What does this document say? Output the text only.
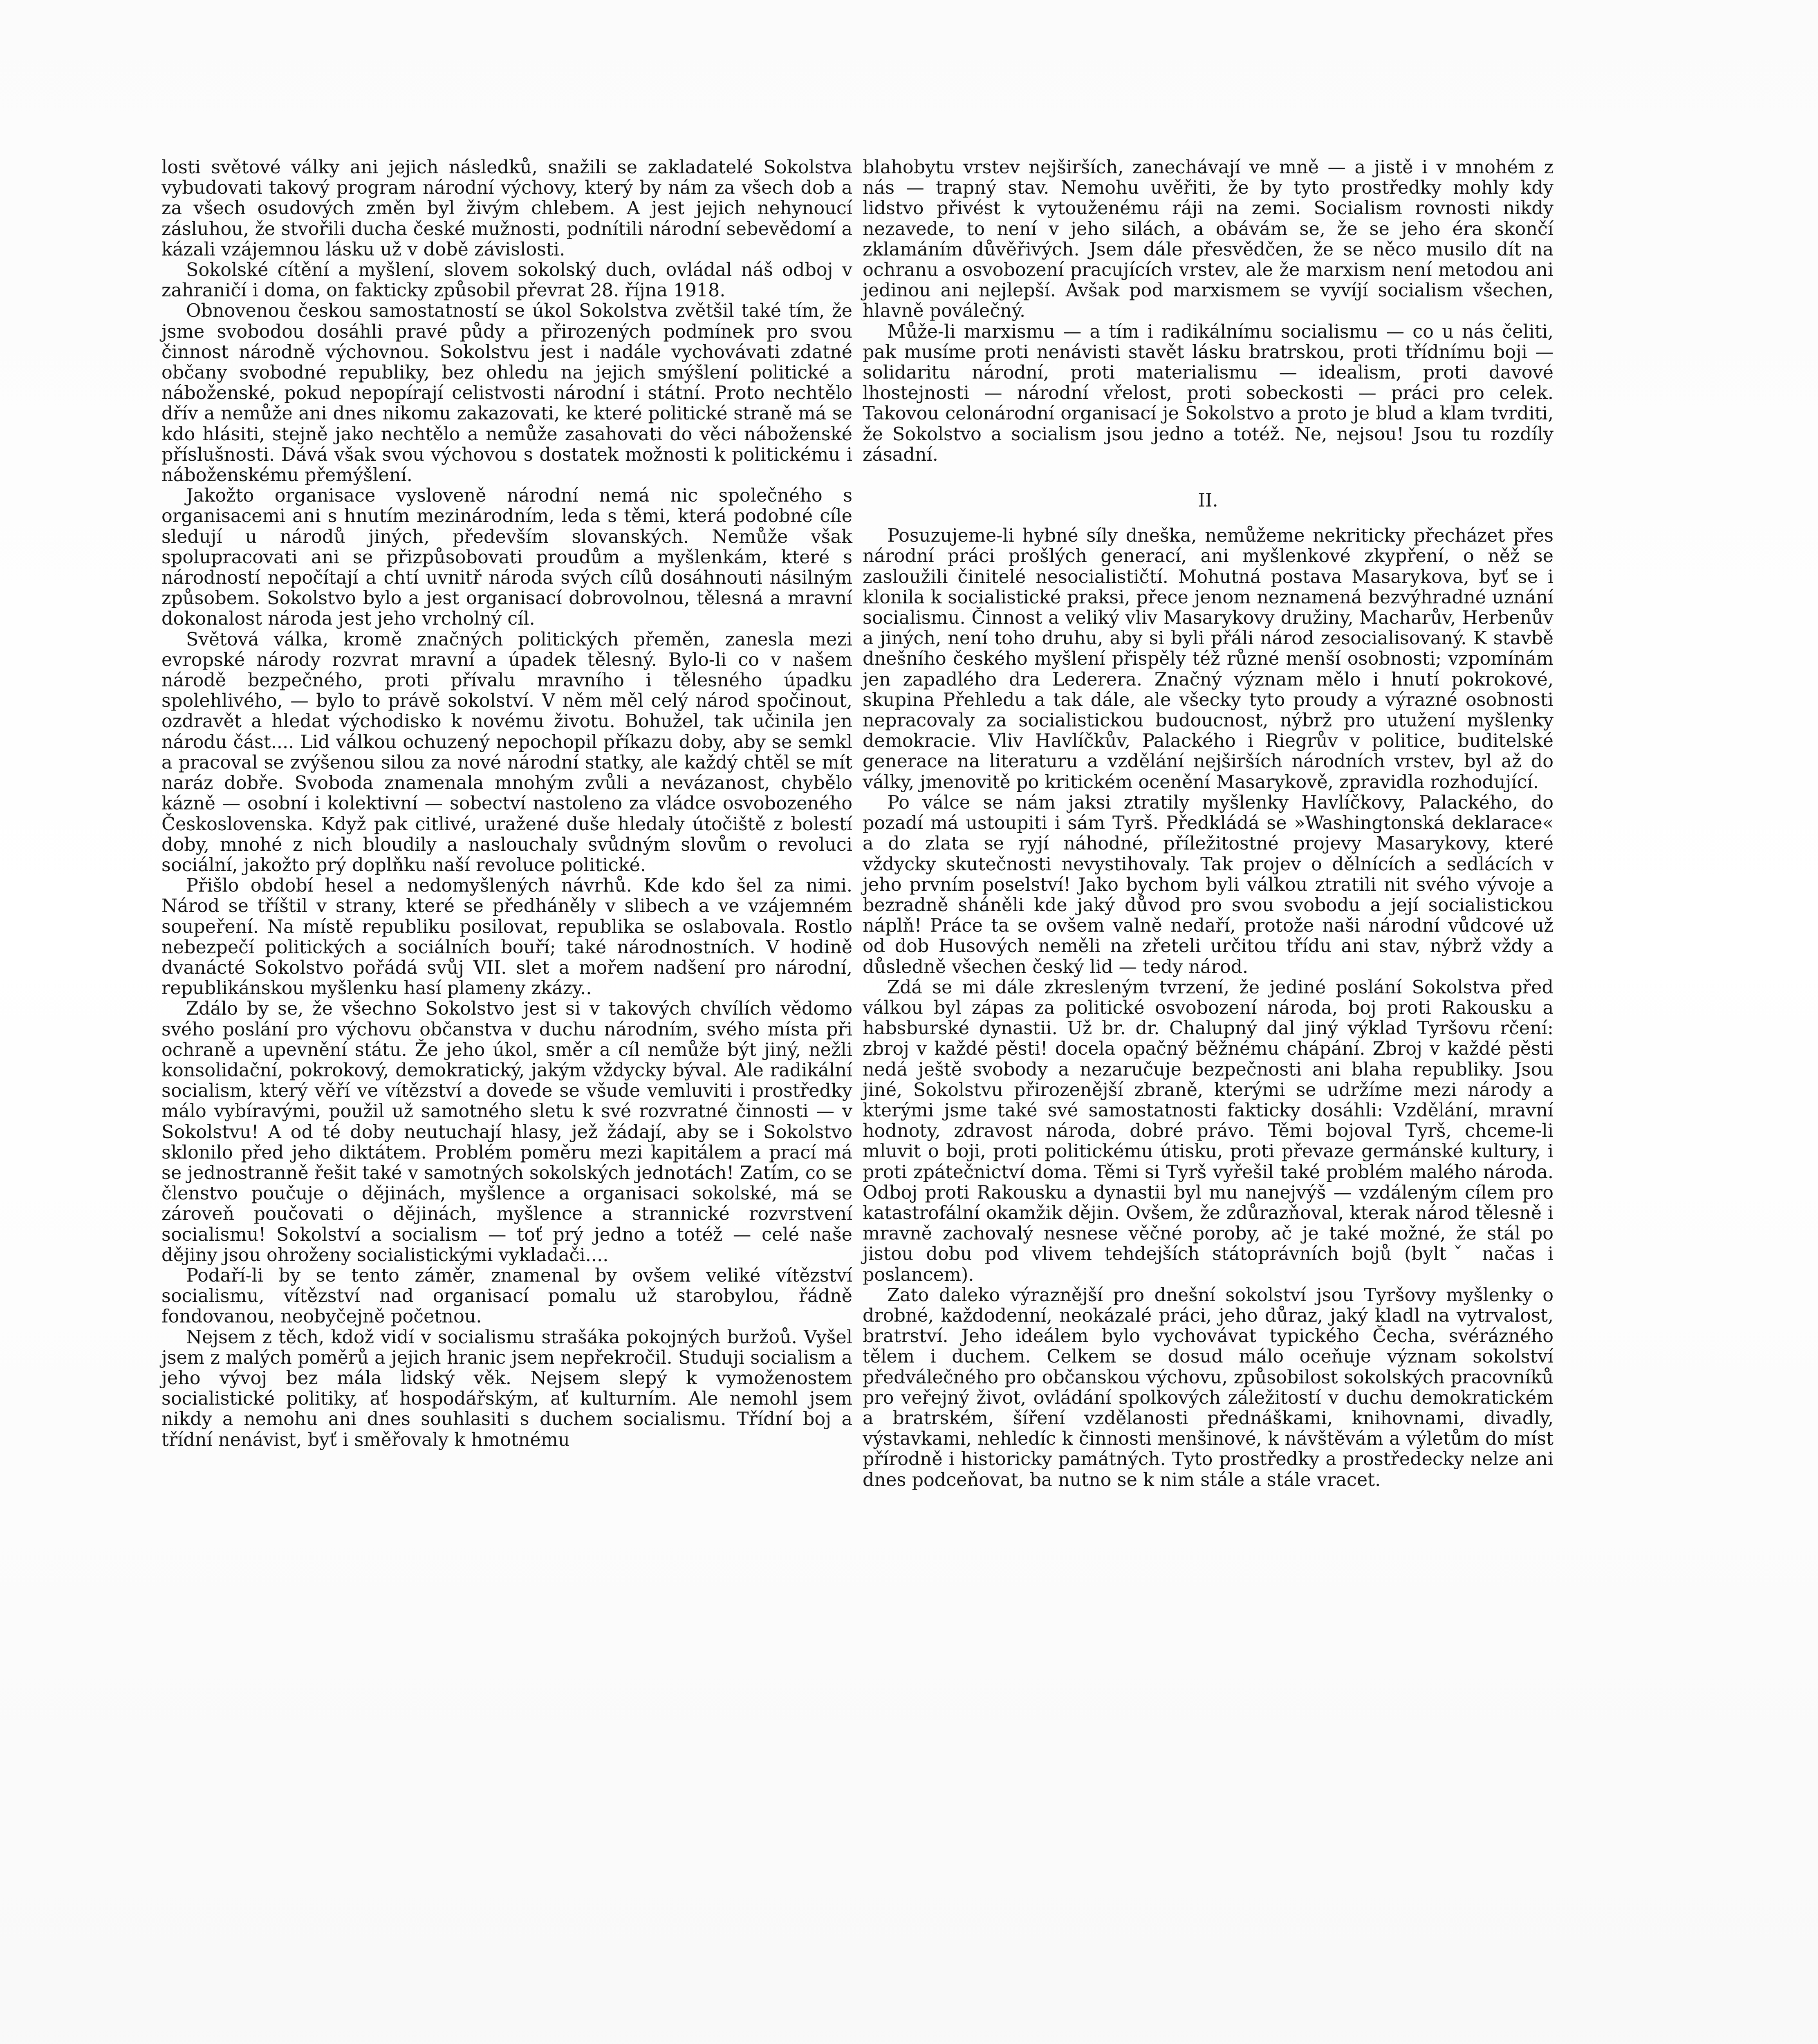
losti světové války ani jejich následků, snažili se zakladatelé Sokolstva vybudovati takový program národní výchovy, který by nám za všech dob a za všech osudových změn byl živým chlebem. A jest jejich nehynoucí zásluhou, že stvořili ducha české mužnosti, podnítili národní sebevědomí a kázali vzájemnou lásku už v době závislosti.

Sokolské cítění a myšlení, slovem sokolský duch, ovládal náš odboj v zahraničí i doma, on fakticky způsobil převrat 28. října 1918.

Obnovenou českou samostatností se úkol Sokolstva zvětšil také tím, že jsme svobodou dosáhli pravé půdy a přirozených podmínek pro svou činnost národně výchovnou. Sokolstvu jest i nadále vychovávati zdatné občany svobodné republiky, bez ohledu na jejich smýšlení politické a náboženské, pokud nepopírají celistvosti národní i státní. Proto nechtělo dřív a nemůže ani dnes nikomu zakazovati, ke které politické straně má se kdo hlásiti, stejně jako nechtělo a nemůže zasahovati do věci náboženské příslušnosti. Dává však svou výchovou s dostatek možnosti k politickému i náboženskému přemýšlení.

Jakožto organisace vysloveně národní nemá nic společného s organisacemi ani s hnutím mezinárodním, leda s těmi, která podobné cíle sledují u národů jiných, především slovanských. Nemůže však spolupracovati ani se přizpůsobovati proudům a myšlenkám, které s národností nepočítají a chtí uvnitř národa svých cílů dosáhnouti násilným způsobem. Sokolstvo bylo a jest organisací dobrovolnou, tělesná a mravní dokonalost národa jest jeho vrcholný cíl.

Světová válka, kromě značných politických přeměn, zanesla mezi evropské národy rozvrat mravní a úpadek tělesný. Bylo-li co v našem národě bezpečného, proti přívalu mravního i tělesného úpadku spolehlivého, — bylo to právě sokolství. V něm měl celý národ spočinout, ozdravět a hledat východisko k novému životu. Bohužel, tak učinila jen národu část.... Lid válkou ochuzený nepochopil příkazu doby, aby se semkl a pracoval se zvýšenou silou za nové národní statky, ale každý chtěl se mít naráz dobře. Svoboda znamenala mnohým zvůli a nevázanost, chybělo kázně — osobní i kolektivní — sobectví nastoleno za vládce osvobozeného Československa. Když pak citlivé, uražené duše hledaly útočiště z bolestí doby, mnohé z nich bloudily a naslouchaly svůdným slovům o revoluci sociální, jakožto prý doplňku naší revoluce politické.

Přišlo období hesel a nedomyšlených návrhů. Kde kdo šel za nimi. Národ se tříštil v strany, které se předháněly v slibech a ve vzájemném soupeření. Na místě republiku posilovat, republika se oslabovala. Rostlo nebezpečí politických a sociálních bouří; také národnostních. V hodině dvanácté Sokolstvo pořádá svůj VII. slet a mořem nadšení pro národní, republikánskou myšlenku hasí plameny zkázy..

Zdálo by se, že všechno Sokolstvo jest si v takových chvílích vědomo svého poslání pro výchovu občanstva v duchu národním, svého místa při ochraně a upevnění státu. Že jeho úkol, směr a cíl nemůže být jiný, nežli konsolidační, pokrokový, demokratický, jakým vždycky býval. Ale radikální socialism, který věří ve vítězství a dovede se všude vemluviti i prostředky málo vybíravými, použil už samotného sletu k své rozvratné činnosti — v Sokolstvu! A od té doby neutuchají hlasy, jež žádají, aby se i Sokolstvo sklonilo před jeho diktátem. Problém poměru mezi kapitálem a prací má se jednostranně řešit také v samotných sokolských jednotách! Zatím, co se členstvo poučuje o dějinách, myšlence a organisaci sokolské, má se zároveň poučovati o dějinách, myšlence a strannické rozvrstvení socialismu! Sokolství a socialism — toť prý jedno a totéž — celé naše dějiny jsou ohroženy socialistickými vykladači....

Podaří-li by se tento záměr, znamenal by ovšem veliké vítězství socialismu, vítězství nad organisací pomalu už starobylou, řádně fondovanou, neobyčejně početnou.

Nejsem z těch, kdož vidí v socialismu strašáka pokojných buržoů. Vyšel jsem z malých poměrů a jejich hranic jsem nepřekročil. Studuji socialism a jeho vývoj bez mála lidský věk. Nejsem slepý k vymoženostem socialistické politiky, ať hospodářským, ať kulturním. Ale nemohl jsem nikdy a nemohu ani dnes souhlasiti s duchem socialismu. Třídní boj a třídní nenávist, byť i směřovaly k hmotnému

blahobytu vrstev nejširších, zanechávají ve mně — a jistě i v mnohém z nás — trapný stav. Nemohu uvěřiti, že by tyto prostředky mohly kdy lidstvo přivést k vytouženému ráji na zemi. Socialism rovnosti nikdy nezavede, to není v jeho silách, a obávám se, že se jeho éra skončí zklamáním důvěřivých. Jsem dále přesvědčen, že se něco musilo dít na ochranu a osvobození pracujících vrstev, ale že marxism není metodou ani jedinou ani nejlepší. Avšak pod marxismem se vyvíjí socialism všechen, hlavně poválečný.

Může-li marxismu — a tím i radikálnímu socialismu — co u nás čeliti, pak musíme proti nenávisti stavět lásku bratrskou, proti třídnímu boji — solidaritu národní, proti materialismu — idealism, proti davové lhostejnosti — národní vřelost, proti sobeckosti — práci pro celek. Takovou celonárodní organisací je Sokolstvo a proto je blud a klam tvrditi, že Sokolstvo a socialism jsou jedno a totéž. Ne, nejsou! Jsou tu rozdíly zásadní.

II.

Posuzujeme-li hybné síly dneška, nemůžeme nekriticky přecházet přes národní práci prošlých generací, ani myšlenkové zkypření, o něž se zasloužili činitelé nesocialističtí. Mohutná postava Masarykova, byť se i klonila k socialistické praksi, přece jenom neznamená bezvýhradné uznání socialismu. Činnost a veliký vliv Masarykovy družiny, Macharův, Herbenův a jiných, není toho druhu, aby si byli přáli národ zesocialisovaný. K stavbě dnešního českého myšlení přispěly též různé menší osobnosti; vzpomínám jen zapadlého dra Lederera. Značný význam mělo i hnutí pokrokové, skupina Přehledu a tak dále, ale všecky tyto proudy a výrazné osobnosti nepracovaly za socialistickou budoucnost, nýbrž pro utužení myšlenky demokracie. Vliv Havlíčkův, Palackého i Riegrův v politice, buditelské generace na literaturu a vzdělání nejširších národních vrstev, byl až do války, jmenovitě po kritickém ocenění Masarykově, zpravidla rozhodující.

Po válce se nám jaksi ztratily myšlenky Havlíčkovy, Palackého, do pozadí má ustoupiti i sám Tyrš. Předkládá se »Washingtonská deklarace« a do zlata se ryjí náhodné, příležitostné projevy Masarykovy, které vždycky skutečnosti nevystihovaly. Tak projev o dělnících a sedlácích v jeho prvním poselství! Jako bychom byli válkou ztratili nit svého vývoje a bezradně sháněli kde jaký důvod pro svou svobodu a její socialistickou náplň! Práce ta se ovšem valně nedaří, protože naši národní vůdcové už od dob Husových neměli na zřeteli určitou třídu ani stav, nýbrž vždy a důsledně všechen český lid — tedy národ.

Zdá se mi dále zkresleným tvrzení, že jediné poslání Sokolstva před válkou byl zápas za politické osvobození národa, boj proti Rakousku a habsburské dynastii. Už br. dr. Chalupný dal jiný výklad Tyršovu rčení: zbroj v každé pěsti! docela opačný běžnému chápání. Zbroj v každé pěsti nedá ještě svobody a nezaručuje bezpečnosti ani blaha republiky. Jsou jiné, Sokolstvu přirozenější zbraně, kterými se udržíme mezi národy a kterými jsme také své samostatnosti fakticky dosáhli: Vzdělání, mravní hodnoty, zdravost národa, dobré právo. Těmi bojoval Tyrš, chceme-li mluvit o boji, proti politickému útisku, proti převaze germánské kultury, i proti zpátečnictví doma. Těmi si Tyrš vyřešil také problém malého národa. Odboj proti Rakousku a dynastii byl mu nanejvýš — vzdáleným cílem pro katastrofální okamžik dějin. Ovšem, že zdůrazňoval, kterak národ tělesně i mravně zachovalý nesnese věčné poroby, ač je také možné, že stál po jistou dobu pod vlivem tehdejších státoprávních bojů (byltˇ načas i poslancem).

Zato daleko výraznější pro dnešní sokolství jsou Tyršovy myšlenky o drobné, každodenní, neokázalé práci, jeho důraz, jaký kladl na vytrvalost, bratrství. Jeho ideálem bylo vychovávat typického Čecha, svérázného tělem i duchem. Celkem se dosud málo oceňuje význam sokolství předválečného pro občanskou výchovu, způsobilost sokolských pracovníků pro veřejný život, ovládání spolkových záležitostí v duchu demokratickém a bratrském, šíření vzdělanosti přednáškami, knihovnami, divadly, výstavkami, nehledíc k činnosti menšinové, k návštěvám a výletům do míst přírodně i historicky památných. Tyto prostředky a prostředecky nelze ani dnes podceňovat, ba nutno se k nim stále a stále vracet.
